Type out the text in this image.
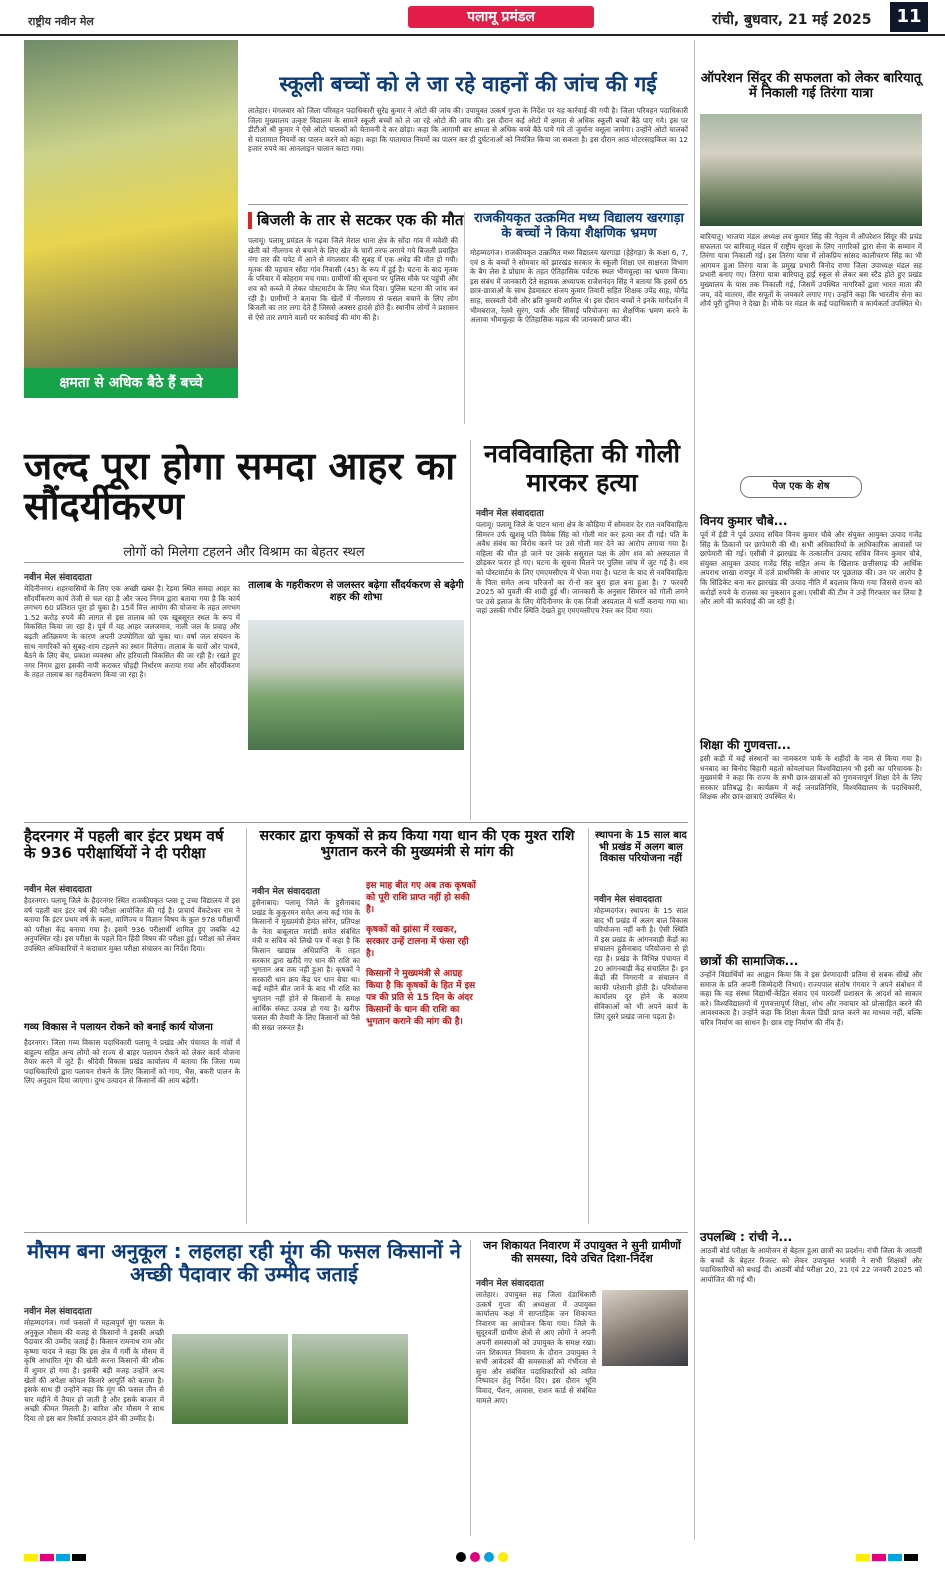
राष्ट्रीय नवीन मेल	पलामू प्रमंडल	रांची, बुधवार, 21 मई 2025	11
क्षमता से अधिक बैठे हैं बच्चे
स्कूली बच्चों को ले जा रहे वाहनों की जांच की गई
लातेहार। मंगलवार को जिला परिवहन पदाधिकारी सुरेंद्र कुमार ने ओटो की जांच की। उपायुक्त उत्कर्ष गुप्ता के निर्देश पर यह कार्रवाई की गयी है। जिला परिवहन पदाधिकारी जिला मुख्यालय उत्कृष्ट विद्यालय के सामने स्कूली बच्चों को ले जा रहे ओटो की जांच की। इस दौरान कई ओटो में क्षमता से अधिक स्कूली बच्चों बैठे पाए गये। इस पर डीटीओ श्री कुमार ने ऐसे ओटो चालकों को चेतावनी दे कर छोड़ा। कहा कि आगामी बार क्षमता से अधिक बच्चे बैठे पाये गये तो जुर्माना वसूला जायेगा। उन्होंने ओटो चालकों से यातायात नियमों का पालन करने को कहा। कहा कि यातायात नियमों का पालन कर ही दुर्घटनाओं को नियंत्रित किया जा सकता है। इस दौरान आठ मोटरसाइकिल का 12 हजार रुपये का आनलाइन चालान काटा गया।
बिजली के तार से सटकर एक की मौत
पलामू। पलामू प्रमंडल के गढ़वा जिले मेराल थाना क्षेत्र के सोंदा गांव में मवेशी की खेती को नीलगाय से बचाने के लिए खेत के चारों तरफ लगाये गये बिजली प्रवाहित नंगा तार की चपेट में आने से मंगलवार की सुबह में एक अधेड़ की मौत हो गयी। मृतक की पहचान सोंदा गांव निवासी (45) के रूप में हुई है। घटना के बाद मृतक के परिवार में कोहराम मच गया। ग्रामीणों की सूचना पर पुलिस मौके पर पहुंची और शव को कब्जे में लेकर पोस्टमार्टम के लिए भेज दिया। पुलिस घटना की जांच कर रही है। ग्रामीणों ने बताया कि खेतों में नीलगाय से फसल बचाने के लिए लोग बिजली का तार लगा देते हैं जिससे अक्सर हादसे होते हैं। स्थानीय लोगों ने प्रशासन से ऐसे तार लगाने वालों पर कार्रवाई की मांग की है।
राजकीयकृत उत्क्रमित मध्य विद्यालय खरगाड़ा के बच्चों ने किया शैक्षणिक भ्रमण
मोहम्मदगंज। राजकीयकृत उत्क्रमित मध्य विद्यालय खरगाड़ा (हेहेगड़ा) के कक्षा 6, 7, एवं 8 के बच्चों ने सोमवार को झारखंड सरकार के स्कूली शिक्षा एवं साक्षरता विभाग के बैग लेस डे प्रोग्राम के तहत ऐतिहासिक पर्यटक स्थल भीमचूल्हा का भ्रमण किया। इस संबंध में जानकारी देते सहायक अध्यापक राजेशनंदन सिंह ने बताया कि इसमें 65 छात्र-छात्राओं के साथ हेडमास्टर संजय कुमार तिवारी सहित शिक्षक उपेंद्र साह, योगेंद्र साह, सरस्वती देवी और ब्रति कुमारी शामिल थे। इस दौरान बच्चों ने इनके मार्गदर्शन में भीमबराज, रेलवे सुरंग, पार्क और सिंचाई परियोजना का शैक्षणिक भ्रमण करने के अलावा भीमचूल्हा के ऐतिहासिक महत्व की जानकारी प्राप्त की।
ऑपरेशन सिंदूर की सफलता को लेकर बारियातू में निकाली गई तिरंगा यात्रा
बारियातू। भाजपा मंडल अध्यक्ष लव कुमार सिंह की नेतृत्व में ऑपरेशन सिंदूर की प्रचंड सफलता पर बारियातू मंडल में राष्ट्रीय सुरक्षा के लिए नागरिकों द्वारा सेना के सम्मान में तिरंगा यात्रा निकाली गई। इस तिरंगा यात्रा में लोकप्रिय सांसद कालीचरण सिंह का भी आगमन हुआ तिरंगा यात्रा के प्रमुख प्रभारी विनोद राणा जिला उपाध्यक्ष मंडल सह प्रभारी बनाए गए। तिरंगा यात्रा बारियातू हाई स्कूल से लेकर बस स्टैंड होते हुए प्रखंड मुख्यालय के पास तक निकाली गई, जिसमें उपस्थित नागरिकों द्वारा भारत माता की जय, वंदे मातरम, वीर सपूतों के जयकारे लगाए गए। उन्होंने कहा कि भारतीय सेना का शौर्य पूरी दुनिया ने देखा है। मौके पर मंडल के कई पदाधिकारी व कार्यकर्ता उपस्थित थे।
पेज एक के शेष
जल्द पूरा होगा समदा आहर का सौंदर्यीकरण
लोगों को मिलेगा टहलने और विश्राम का बेहतर स्थल
नवीन मेल संवाददाता
मेदिनीनगर। शहरवासियों के लिए एक अच्छी खबर है। रेड़मा स्थित समदा आहर का सौंदर्यीकरण कार्य तेजी से चल रहा है और जल्द निगम द्वारा बताया गया है कि कार्य लगभग 60 प्रतिशत पूरा हो चुका है। 15वें वित्त आयोग की योजना के तहत लगभग 1.52 करोड़ रुपये की लागत से इस तालाब को एक खूबसूरत स्थल के रूप में विकसित किया जा रहा है। पूर्व में यह आहर जलजमाव, नाली जल के प्रवाह और बढ़ती अतिक्रमण के कारण अपनी उपयोगिता खो चुका था। वर्षा जल संचयन के साथ नागरिकों को सुबह-शाम टहलने का स्थान मिलेगा। तालाब के चारों ओर पाथवे, बैठने के लिए बेंच, प्रकाश व्यवस्था और हरियाली विकसित की जा रही है। रखते हुए नगर निगम द्वारा इसकी नापी कराकर चौहद्दी निर्धारण कराया गया और सौंदर्यीकरण के तहत तालाब का गहरीकरण किया जा रहा है।
तालाब के गहरीकरण से जलस्तर बढ़ेगा सौंदर्यकरण से बढ़ेगी शहर की शोभा
नवविवाहिता की गोली मारकर हत्या
नवीन मेल संवाददाता
पलामू। पलामू जिले के पाटन थाना क्षेत्र के कौड़िया में सोमवार देर रात नवविवाहिता सिमरन उर्फ खुशबू पति विवेक सिंह को गोली मार कर हत्या कर दी गई। पति के अवैध संबंध का विरोध करने पर उसे गोली मार देने का आरोप लगाया गया है। महिला की मौत हो जाने पर उसके ससुराल पक्ष के लोग शव को अस्पताल में छोड़कर फरार हो गए। घटना के सूचना मिलने पर पुलिस जांच में जुट गई है। शव को पोस्टमार्टम के लिए एमएमसीएच में भेजा गया है। घटना के बाद से नवविवाहिता के पिता समेत अन्य परिजनों का रो-रो कर बुरा हाल बना हुआ है। 7 फरवरी 2025 को युवती की शादी हुई थी। जानकारी के अनुसार सिमरन को गोली लगने पर उसे इलाज के लिए मेदिनीनगर के एक निजी अस्पताल में भर्ती कराया गया था। जहां उसकी गंभीर स्थिति देखते हुए एमएमसीएच रेफर कर दिया गया।
विनय कुमार चौबे...
पूर्व में ईडी ने पूर्व उत्पाद सचिव विनय कुमार चौबे और संयुक्त आयुक्त उत्पाद गजेंद्र सिंह के ठिकानों पर छापेमारी की थी। सभी अधिकारियों के आधिकारिक आवासों पर छापेमारी की गई। एसीबी ने झारखंड के तत्कालीन उत्पाद सचिव विनय कुमार चौबे, संयुक्त आयुक्त उत्पाद गजेंद्र सिंह सहित अन्य के खिलाफ छत्तीसगढ़ की आर्थिक अपराध शाखा रायपुर में दर्ज प्राथमिकी के आधार पर पूछताछ की। उन पर आरोप है कि सिंडिकेट बना कर झारखंड की उत्पाद नीति में बदलाव किया गया जिससे राज्य को करोड़ों रुपये के राजस्व का नुकसान हुआ। एसीबी की टीम ने उन्हें गिरफ्तार कर लिया है और आगे की कार्रवाई की जा रही है।
शिक्षा की गुणवत्ता...
इसी कड़ी में कई संस्थानों का नामकरण पार्क के शहीदों के नाम से किया गया है। धनबाद का बिनोद बिहारी महतो कोयलांचल विश्वविद्यालय भी इसी का परिचायक है। मुख्यमंत्री ने कहा कि राज्य के सभी छात्र-छात्राओं को गुणवत्तापूर्ण शिक्षा देने के लिए सरकार प्रतिबद्ध है। कार्यक्रम में कई जनप्रतिनिधि, विश्वविद्यालय के पदाधिकारी, शिक्षक और छात्र-छात्राएं उपस्थित थे।
छात्रों की सामाजिक...
उन्होंने विद्यार्थियों का आह्वान किया कि वे इस प्रेरणादायी प्रतिमा से सबक सीखें और समाज के प्रति अपनी जिम्मेदारी निभाएं। राज्यपाल संतोष गंगवार ने अपने संबोधन में कहा कि यह संस्था विद्यार्थी-केंद्रित संवाद एवं पारदर्शी प्रशासन के आदर्श को साकार करे। विश्वविद्यालयों में गुणवत्तापूर्ण शिक्षा, शोध और नवाचार को प्रोत्साहित करने की आवश्यकता है। उन्होंने कहा कि शिक्षा केवल डिग्री प्राप्त करने का माध्यम नहीं, बल्कि चरित्र निर्माण का साधन है। छात्र राष्ट्र निर्माण की नींव हैं।
उपलब्धि : रांची ने...
आठवीं बोर्ड परीक्षा के आयोजन से बेहतर हुआ छात्रों का प्रदर्शन। रांची जिला के आठवीं के बच्चों के बेहतर रिजल्ट को लेकर उपायुक्त भजंत्री ने सभी शिक्षकों और पदाधिकारियों को बधाई दी। आठवीं बोर्ड परीक्षा 20, 21 एवं 22 जनवरी 2025 को आयोजित की गई थी।
हैदरनगर में पहली बार इंटर प्रथम वर्ष के 936 परीक्षार्थियों ने दी परीक्षा
नवीन मेल संवाददाता
हैदरनगर। पलामू जिले के हैदरनगर स्थित राजकीयकृत प्लस टू उच्च विद्यालय में इस वर्ष पहली बार इंटर वर्ष की परीक्षा आयोजित की गई है। प्राचार्य वेंकटेश्वर राम ने बताया कि इंटर प्रथम वर्ष के कला, वाणिज्य व विज्ञान विषय के कुल 978 परीक्षार्थी को परीक्षा केंद्र बनाया गया है। इसमें 936 परीक्षार्थी शामिल हुए जबकि 42 अनुपस्थित रहे। इस परीक्षा के पहले दिन हिंदी विषय की परीक्षा हुई। परीक्षा को लेकर उपस्थित अधिकारियों ने कदाचार मुक्त परीक्षा संचालन का निर्देश दिया।
गव्य विकास ने पलायन रोकने को बनाई कार्य योजना
हैदरनगर। जिला गव्य विकास पदाधिकारी पलामू ने प्रखंड और पंचायत के गांवों में बाहुल्य सहित अन्य लोगों को राज्य से बाहर पलायन रोकने को लेकर कार्य योजना तैयार करने में जुटे हैं। श्रीदेवी विकास प्रखंड कार्यालय में बताया कि जिला गव्य पदाधिकारियों द्वारा पलायन रोकने के लिए किसानों को गाय, भैंस, बकरी पालन के लिए अनुदान दिया जाएगा। दुग्ध उत्पादन से किसानों की आय बढ़ेगी।
सरकार द्वारा कृषकों से क्रय किया गया धान की एक मुश्त राशि भुगतान करने की मुख्यमंत्री से मांग की
नवीन मेल संवाददाता
हुसैनाबाद। पलामू जिले के हुसैनाबाद प्रखंड के कुकुरमन समेत अन्य कई गांव के किसानों ने मुख्यमंत्री हेमंत सोरेन, प्रतिपक्ष के नेता बाबूलाल मरांडी समेत संबंधित मंत्री व सचिव को लिखे पत्र में कहा है कि किसान खाद्यान्न अधिप्राप्ति के तहत सरकार द्वारा खरीदे गए धान की राशि का भुगतान अब तक नहीं हुआ है। कृषकों ने सरकारी धान क्रय केंद्र पर धान बेचा था। कई महीने बीत जाने के बाद भी राशि का भुगतान नहीं होने से किसानों के समक्ष आर्थिक संकट उत्पन्न हो गया है। खरीफ फसल की तैयारी के लिए किसानों को पैसे की सख्त जरूरत है।
इस माह बीत गए अब तक कृषकों को पूरी राशि प्राप्त नहीं हो सकी है।
कृषकों को झांसा में रखकर, सरकार उन्हें टालना में फंसा रही है।
किसानों ने मुख्यमंत्री से आग्रह किया है कि कृषकों के हित में इस पत्र की प्रति से 15 दिन के अंदर किसानों के धान की राशि का भुगतान कराने की मांग की है।
स्थापना के 15 साल बाद भी प्रखंड में अलग बाल विकास परियोजना नहीं
नवीन मेल संवाददाता
मोहम्मदगंज। स्थापना के 15 साल बाद भी प्रखंड में अलग बाल विकास परियोजना नहीं बनी है। ऐसी स्थिति में इस प्रखंड के आंगनवाड़ी केंद्रों का संचालन हुसैनाबाद परियोजना से हो रहा है। प्रखंड के विभिन्न पंचायत में 20 आंगनबाड़ी केंद्र संचालित हैं। इन केंद्रों की निगरानी व संचालन में काफी परेशानी होती है। परियोजना कार्यालय दूर होने के कारण सेविकाओं को भी अपने कार्य के लिए दूसरे प्रखंड जाना पड़ता है।
मौसम बना अनुकूल : लहलहा रही मूंग की फसल किसानों ने अच्छी पैदावार की उम्मीद जताई
नवीन मेल संवाददाता
मोहम्मदगंज। गर्मा फसलों में महत्वपूर्ण मूंग फसल के अनुकूल मौसम की वजह से किसानों ने इसकी अच्छी पैदावार की उम्मीद जताई है। किसान रामनाथ राम और कृष्णा यादव ने कहा कि इस क्षेत्र में गर्मी के मौसम में कृषि आधारित मूंग की खेती करना किसानों की शौक में शुमार हो गया है। इसकी बड़ी वजह उन्होंने अन्य खेतों की अपेक्षा कोयल किनारे आपूर्ति को बताया है। इसके साथ ही उन्होंने कहा कि मूंग की फसल तीन से चार महीने में तैयार हो जाती है और इसके बाजार में अच्छी कीमत मिलती है। बारिश और मौसम ने साथ दिया तो इस बार रिकॉर्ड उत्पादन होने की उम्मीद है।
जन शिकायत निवारण में उपायुक्त ने सुनी ग्रामीणों की समस्या, दिये उचित दिशा-निर्देश
नवीन मेल संवाददाता
लातेहार। उपायुक्त सह जिला दंडाधिकारी उत्कर्ष गुप्ता की अध्यक्षता में उपायुक्त कार्यालय कक्ष में साप्ताहिक जन शिकायत निवारण का आयोजन किया गया। जिले के सुदूरवर्ती ग्रामीण क्षेत्रों से आए लोगों ने अपनी अपनी समस्याओं को उपायुक्त के समक्ष रखा। जन शिकायत निवारण के दौरान उपायुक्त ने सभी आवेदकों की समस्याओं को गंभीरता से सुना और संबंधित पदाधिकारियों को त्वरित निष्पादन हेतु निर्देश दिए। इस दौरान भूमि विवाद, पेंशन, आवास, राशन कार्ड से संबंधित मामले आए।
